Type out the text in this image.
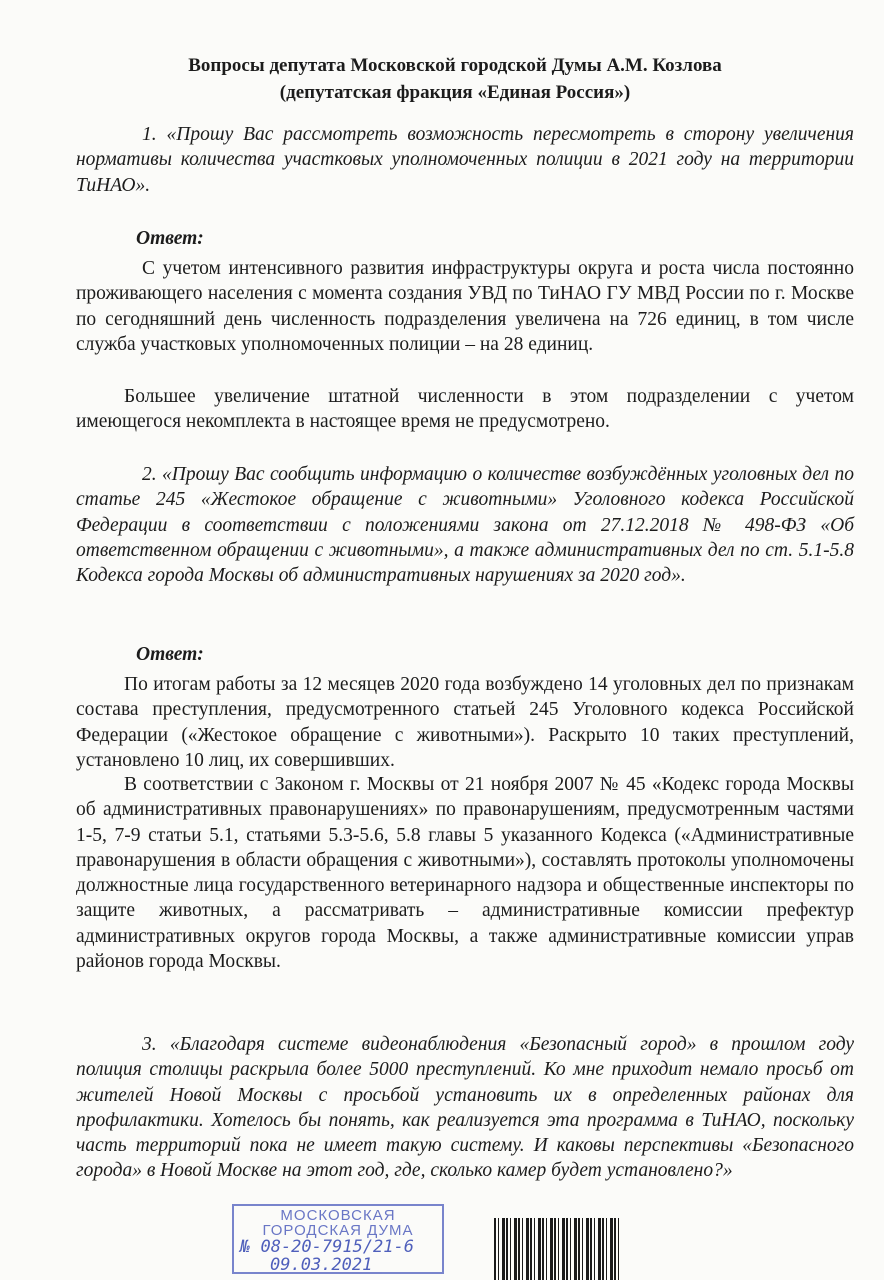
Вопросы депутата Московской городской Думы А.М. Козлова
(депутатская фракция «Единая Россия»)
1. «Прошу Вас рассмотреть возможность пересмотреть в сторону увеличения нормативы количества участковых уполномоченных полиции в 2021 году на территории ТиНАО».
Ответ:
С учетом интенсивного развития инфраструктуры округа и роста числа постоянно проживающего населения с момента создания УВД по ТиНАО ГУ МВД России по г. Москве по сегодняшний день численность подразделения увеличена на 726 единиц, в том числе служба участковых уполномоченных полиции – на 28 единиц.
Большее увеличение штатной численности в этом подразделении с учетом имеющегося некомплекта в настоящее время не предусмотрено.
2. «Прошу Вас сообщить информацию о количестве возбуждённых уголовных дел по статье 245 «Жестокое обращение с животными» Уголовного кодекса Российской Федерации в соответствии с положениями закона от 27.12.2018 № 498-ФЗ «Об ответственном обращении с животными», а также административных дел по ст. 5.1-5.8 Кодекса города Москвы об административных нарушениях за 2020 год».
Ответ:
По итогам работы за 12 месяцев 2020 года возбуждено 14 уголовных дел по признакам состава преступления, предусмотренного статьей 245 Уголовного кодекса Российской Федерации («Жестокое обращение с животными»). Раскрыто 10 таких преступлений, установлено 10 лиц, их совершивших.
В соответствии с Законом г. Москвы от 21 ноября 2007 № 45 «Кодекс города Москвы об административных правонарушениях» по правонарушениям, предусмотренным частями 1-5, 7-9 статьи 5.1, статьями 5.3-5.6, 5.8 главы 5 указанного Кодекса («Административные правонарушения в области обращения с животными»), составлять протоколы уполномочены должностные лица государственного ветеринарного надзора и общественные инспекторы по защите животных, а рассматривать – административные комиссии префектур административных округов города Москвы, а также административные комиссии управ районов города Москвы.
3. «Благодаря системе видеонаблюдения «Безопасный город» в прошлом году полиция столицы раскрыла более 5000 преступлений. Ко мне приходит немало просьб от жителей Новой Москвы с просьбой установить их в определенных районах для профилактики. Хотелось бы понять, как реализуется эта программа в ТиНАО, поскольку часть территорий пока не имеет такую систему. И каковы перспективы «Безопасного города» в Новой Москве на этот год, где, сколько камер будет установлено?»
МОСКОВСКАЯ
ГОРОДСКАЯ ДУМА
№ 08-20-7915/21-6
09.03.2021
